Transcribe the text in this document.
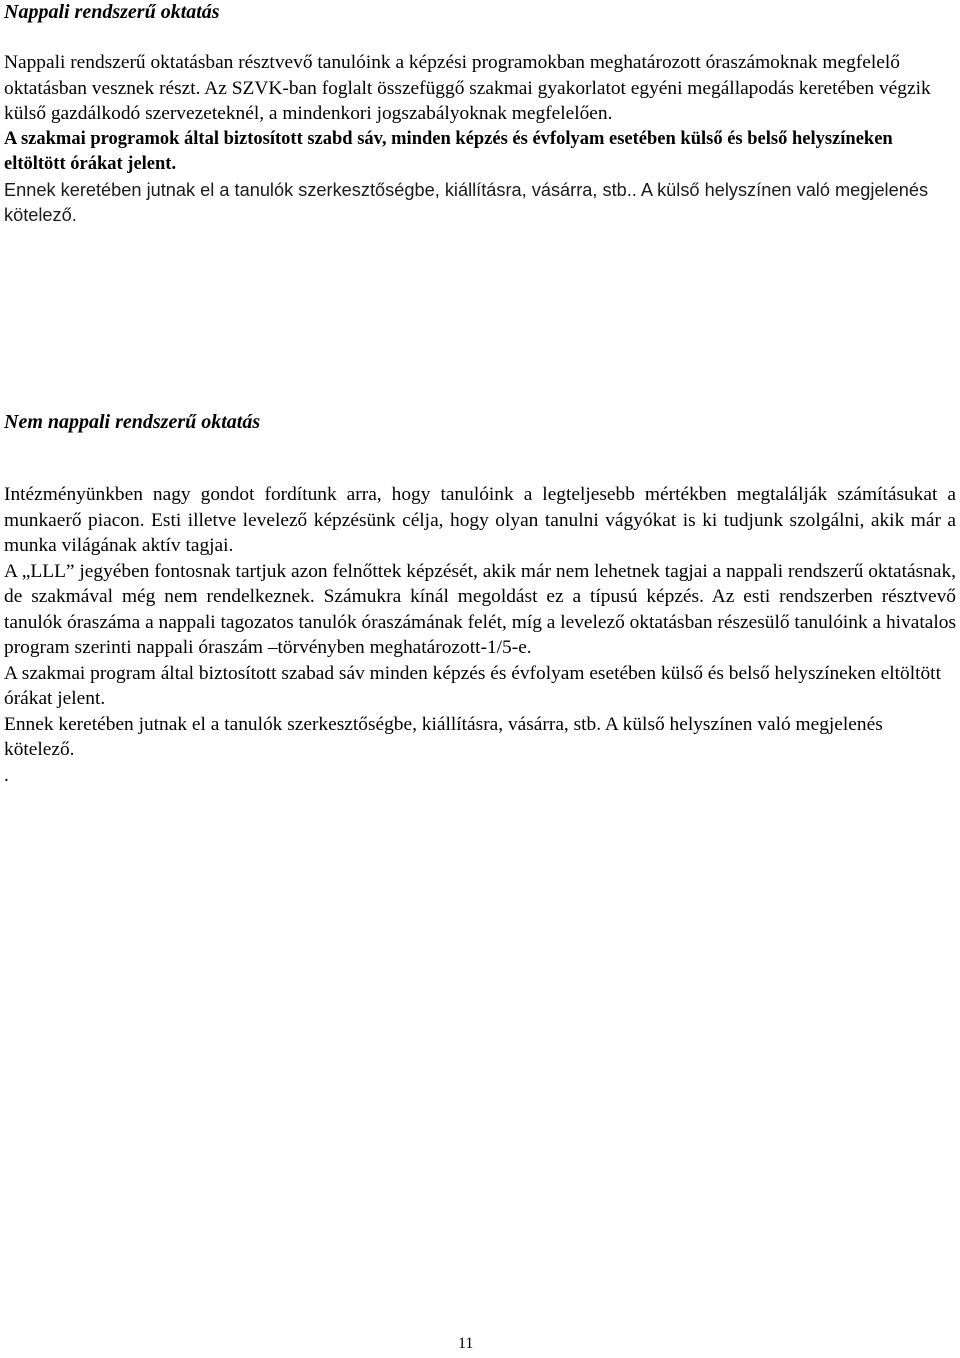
Nappali rendszerű oktatás

Nappali rendszerű oktatásban résztvevő tanulóink a képzési programokban meghatározott óraszámoknak megfelelő oktatásban vesznek részt. Az SZVK-ban foglalt összefüggő szakmai gyakorlatot egyéni megállapodás keretében végzik külső gazdálkodó szervezeteknél, a mindenkori jogszabályoknak megfelelően.

A szakmai programok által biztosított szabd sáv, minden képzés és évfolyam esetében külső és belső helyszíneken eltöltött órákat jelent.

Ennek keretében jutnak el a tanulók szerkesztőségbe, kiállításra, vásárra, stb.. A külső helyszínen való megjelenés kötelező.

Nem nappali rendszerű oktatás

Intézményünkben nagy gondot fordítunk arra, hogy tanulóink a legteljesebb mértékben megtalálják számításukat a munkaerő piacon. Esti illetve levelező képzésünk célja, hogy olyan tanulni vágyókat is ki tudjunk szolgálni, akik már a munka világának aktív tagjai.

A „LLL” jegyében fontosnak tartjuk azon felnőttek képzését, akik már nem lehetnek tagjai a nappali rendszerű oktatásnak, de szakmával még nem rendelkeznek. Számukra kínál megoldást ez a típusú képzés. Az esti rendszerben résztvevő tanulók óraszáma a nappali tagozatos tanulók óraszámának felét, míg a levelező oktatásban részesülő tanulóink a hivatalos program szerinti nappali óraszám –törvényben meghatározott-1/5-e.

A szakmai program által biztosított szabad sáv minden képzés és évfolyam esetében külső és belső helyszíneken eltöltött órákat jelent.

Ennek keretében jutnak el a tanulók szerkesztőségbe, kiállításra, vásárra, stb. A külső helyszínen való megjelenés kötelező.

.

11
